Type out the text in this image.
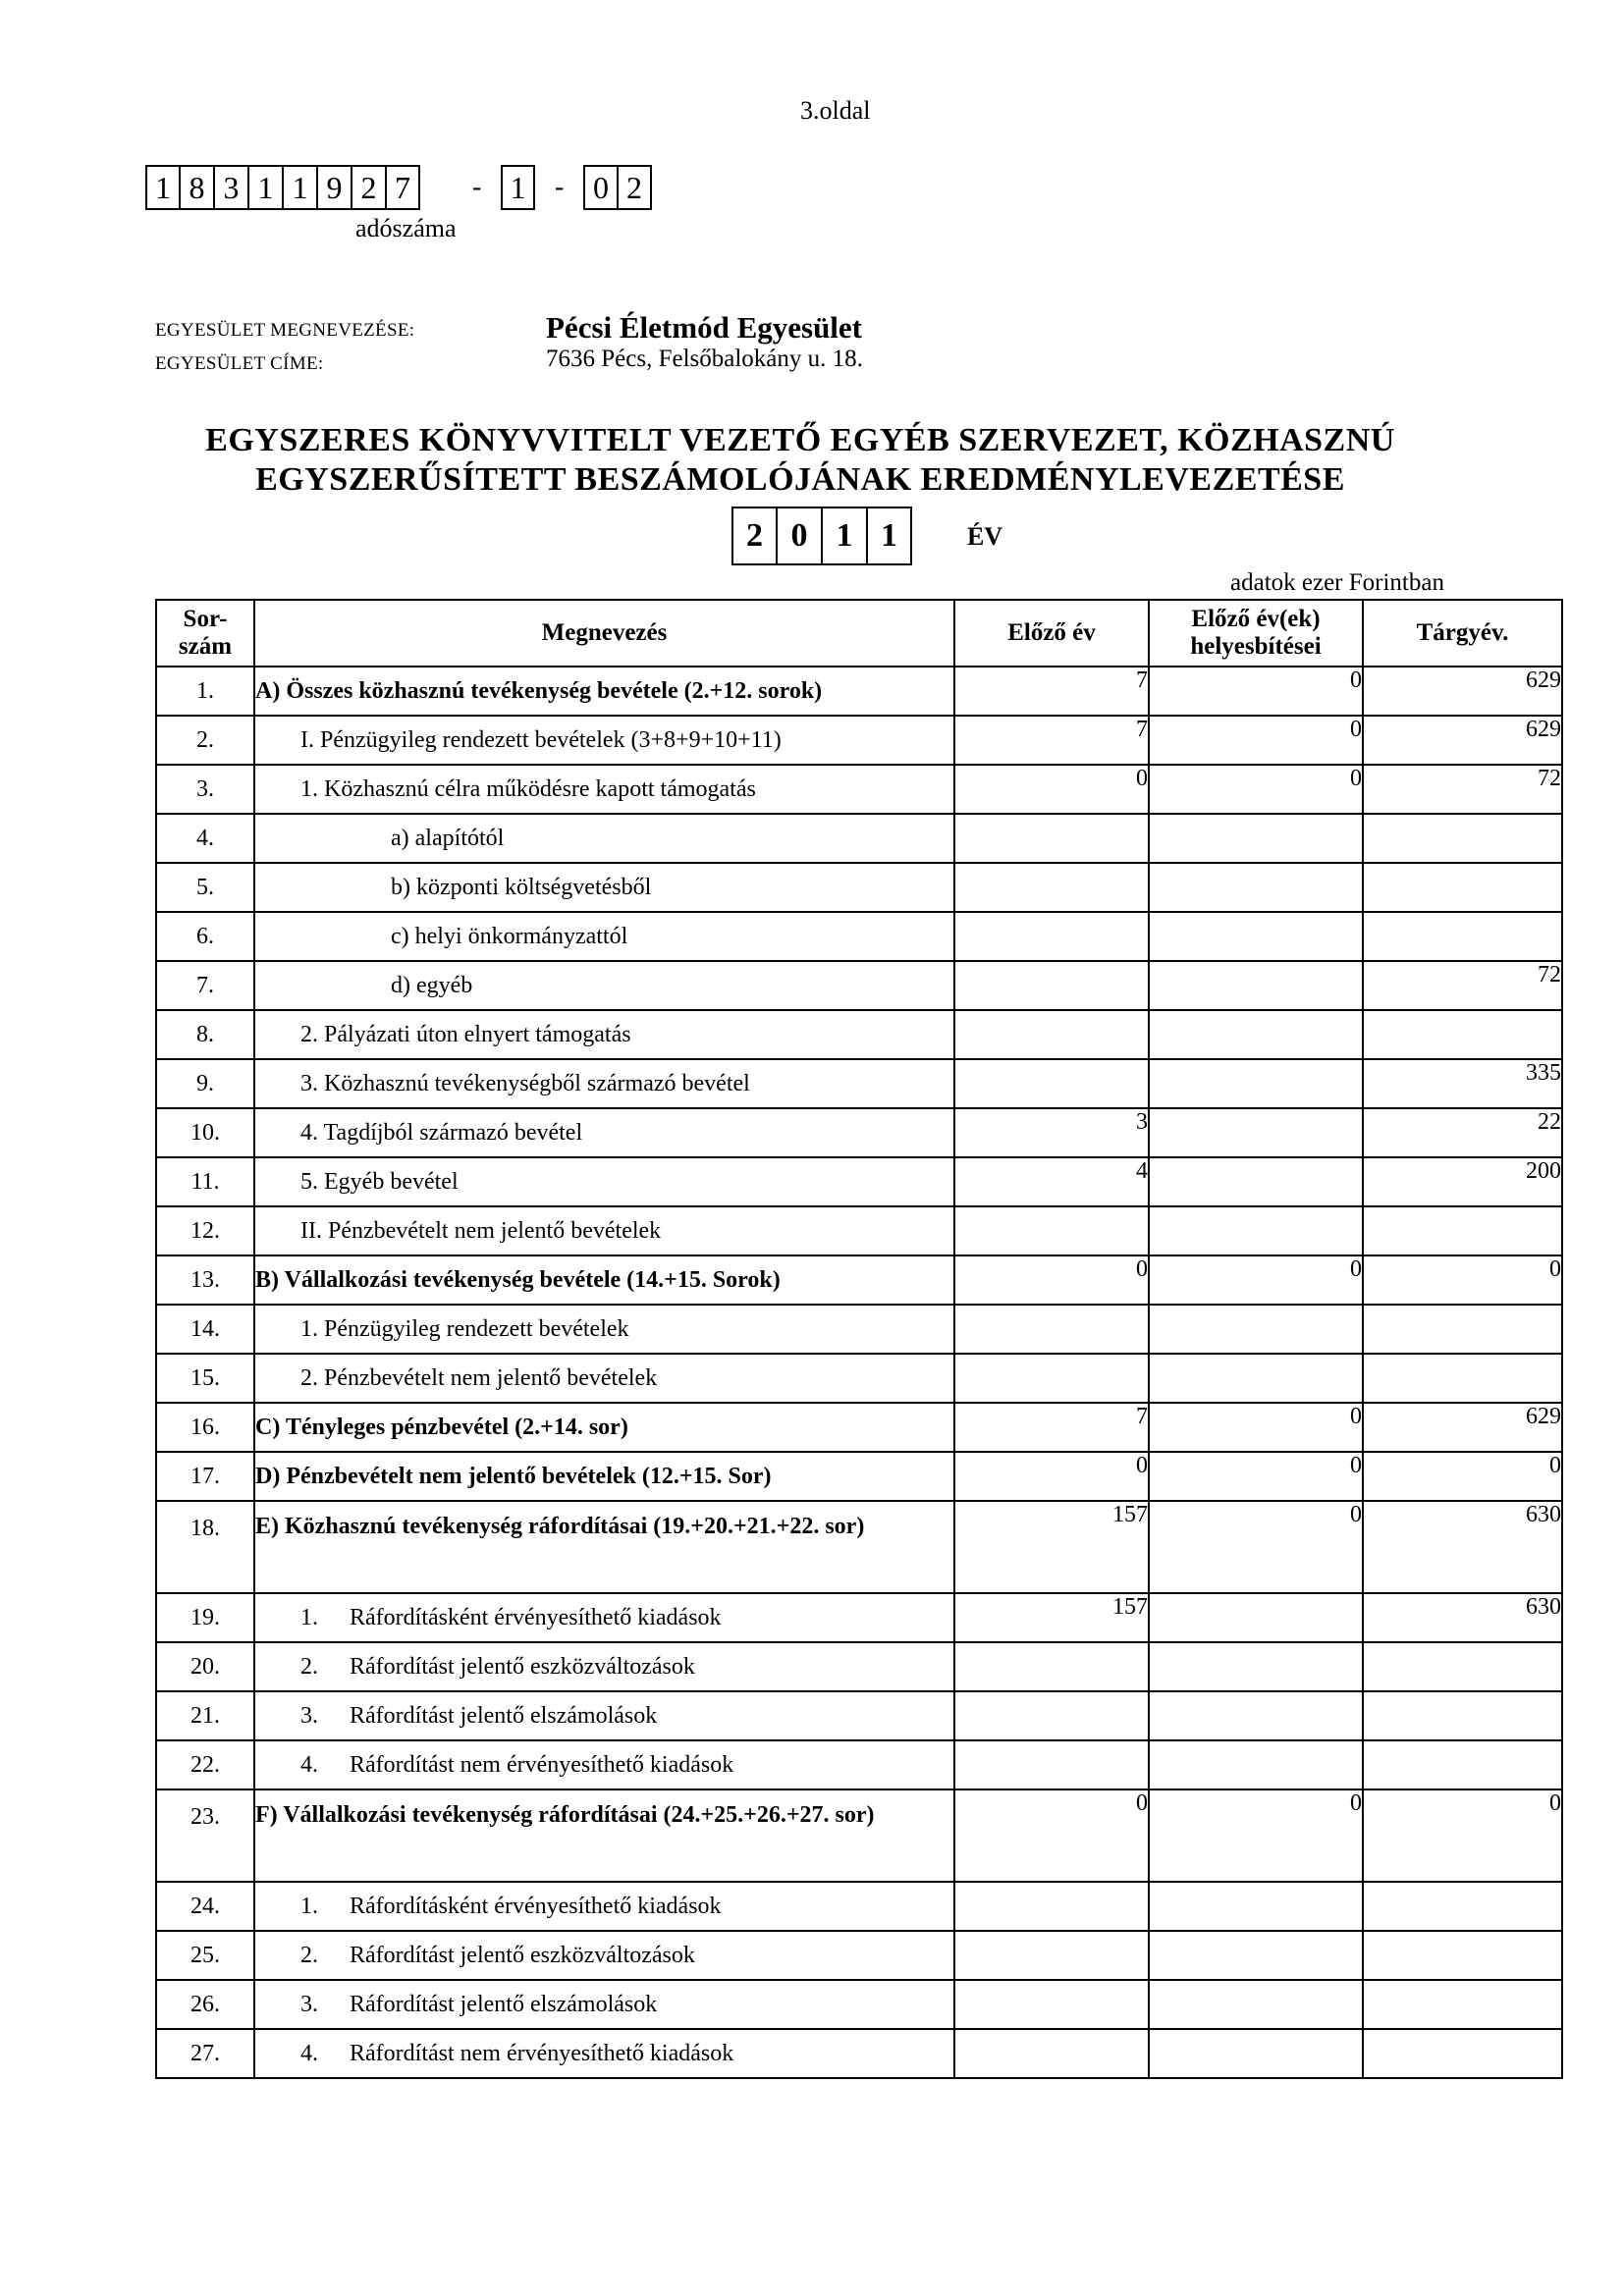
3.oldal
1 8 3 1 1 9 2 7	- 1	- 0 2
adószáma
EGYESÜLET MEGNEVEZÉSE:	Pécsi Életmód Egyesület
EGYESÜLET CÍME:	7636 Pécs, Felsőbalokány u. 18.
EGYSZERES KÖNYVVITELT VEZETŐ EGYÉB SZERVEZET, KÖZHASZNÚ
EGYSZERŰSÍTETT BESZÁMOLÓJÁNAK EREDMÉNYLEVEZETÉSE
2 0 1 1	ÉV
adatok ezer Forintban
Sor-
szám	Megnevezés	Előző év	Előző év(ek)
helyesbítései	Tárgyév.
1.	A) Összes közhasznú tevékenység bevétele (2.+12. sorok)	7	0	629
2.	I. Pénzügyileg rendezett bevételek (3+8+9+10+11)	7	0	629
3.	1. Közhasznú célra működésre kapott támogatás	0	0	72
4.	a) alapítótól			
5.	b) központi költségvetésből			
6.	c) helyi önkormányzattól			
7.	d) egyéb			72
8.	2. Pályázati úton elnyert támogatás			
9.	3. Közhasznú tevékenységből származó bevétel			335
10.	4. Tagdíjból származó bevétel	3		22
11.	5. Egyéb bevétel	4		200
12.	II. Pénzbevételt nem jelentő bevételek			
13.	B) Vállalkozási tevékenység bevétele (14.+15. Sorok)	0	0	0
14.	1. Pénzügyileg rendezett bevételek			
15.	2. Pénzbevételt nem jelentő bevételek			
16.	C) Tényleges pénzbevétel (2.+14. sor)	7	0	629
17.	D) Pénzbevételt nem jelentő bevételek (12.+15. Sor)	0	0	0
18.	E) Közhasznú tevékenység ráfordításai (19.+20.+21.+22. sor)	157	0	630
19.	1. Ráfordításként érvényesíthető kiadások	157		630
20.	2. Ráfordítást jelentő eszközváltozások			
21.	3. Ráfordítást jelentő elszámolások			
22.	4. Ráfordítást nem érvényesíthető kiadások			
23.	F) Vállalkozási tevékenység ráfordításai (24.+25.+26.+27. sor)	0	0	0
24.	1. Ráfordításként érvényesíthető kiadások			
25.	2. Ráfordítást jelentő eszközváltozások			
26.	3. Ráfordítást jelentő elszámolások			
27.	4. Ráfordítást nem érvényesíthető kiadások			
